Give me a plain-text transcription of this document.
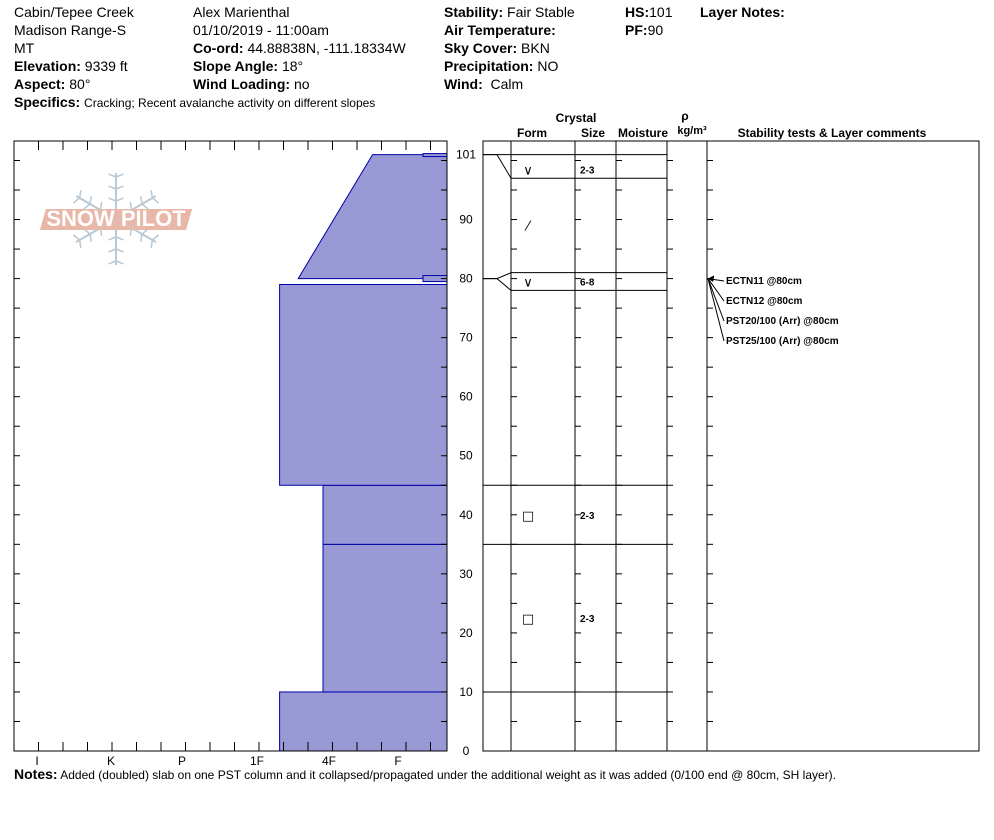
Cabin/Tepee Creek
Madison Range-S
MT
Elevation: 9339 ft
Aspect: 80°
Specifics: Cracking; Recent avalanche activity on different slopes
Alex Marienthal
01/10/2019 - 11:00am
Co-ord: 44.88838N, -111.18334W
Slope Angle: 18°
Wind Loading: no
Stability: Fair Stable
Air Temperature:
Sky Cover: BKN
Precipitation: NO
Wind: Calm
HS:101
PF:90
Layer Notes:
SNOW PILOT
I	K	P	1F	4F	F
0
10
20
30
40
50
60
70
80
90
101
∨	2-3
⁄
∨	6-8
□	2-3
□	2-3
ECTN11 @80cm
ECTN12 @80cm
PST20/100 (Arr) @80cm
PST25/100 (Arr) @80cm
Crystal
Form	Size Moisture
ρ
kg/m³	Stability tests & Layer comments
Notes: Added (doubled) slab on one PST column and it collapsed/propagated under the additional weight as it was added (0/100 end @ 80cm, SH layer).
